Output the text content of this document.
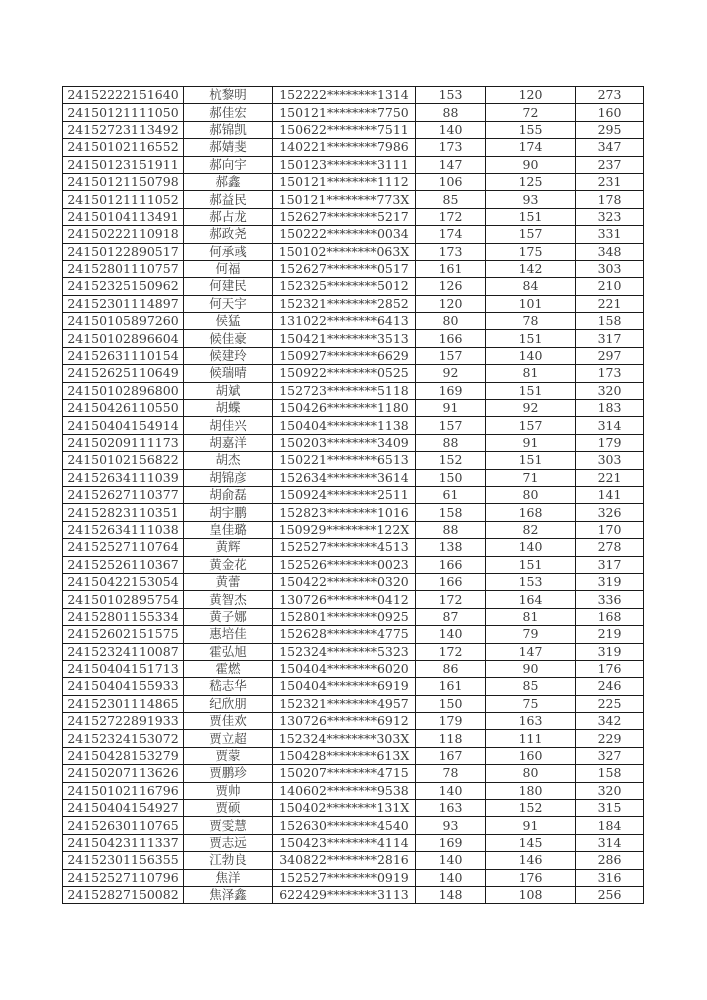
24152222151640	杭黎明	152222********1314	153	120	273
24150121111050	郝佳宏	150121********7750	88	72	160
24152723113492	郝锦凯	150622********7511	140	155	295
24150102116552	郝婧斐	140221********7986	173	174	347
24150123151911	郝向宇	150123********3111	147	90	237
24150121150798	郝鑫	150121********1112	106	125	231
24150121111052	郝益民	150121********773X	85	93	178
24150104113491	郝占龙	152627********5217	172	151	323
24150222110918	郝政尧	150222********0034	174	157	331
24150122890517	何承彧	150102********063X	173	175	348
24152801110757	何福	152627********0517	161	142	303
24152325150962	何建民	152325********5012	126	84	210
24152301114897	何天宇	152321********2852	120	101	221
24150105897260	侯猛	131022********6413	80	78	158
24150102896604	候佳豪	150421********3513	166	151	317
24152631110154	候建玲	150927********6629	157	140	297
24152625110649	候瑞晴	150922********0525	92	81	173
24150102896800	胡斌	152723********5118	169	151	320
24150426110550	胡蝶	150426********1180	91	92	183
24150404154914	胡佳兴	150404********1138	157	157	314
24150209111173	胡嘉洋	150203********3409	88	91	179
24150102156822	胡杰	150221********6513	152	151	303
24152634111039	胡锦彦	152634********3614	150	71	221
24152627110377	胡俞磊	150924********2511	61	80	141
24152823110351	胡宇鹏	152823********1016	158	168	326
24152634111038	皇佳璐	150929********122X	88	82	170
24152527110764	黄辉	152527********4513	138	140	278
24152526110367	黄金花	152526********0023	166	151	317
24150422153054	黄蕾	150422********0320	166	153	319
24150102895754	黄智杰	130726********0412	172	164	336
24152801155334	黄子娜	152801********0925	87	81	168
24152602151575	惠培佳	152628********4775	140	79	219
24152324110087	霍弘旭	152324********5323	172	147	319
24150404151713	霍燃	150404********6020	86	90	176
24150404155933	嵇志华	150404********6919	161	85	246
24152301114865	纪欣朋	152321********4957	150	75	225
24152722891933	贾佳欢	130726********6912	179	163	342
24152324153072	贾立超	152324********303X	118	111	229
24150428153279	贾蒙	150428********613X	167	160	327
24150207113626	贾鹏珍	150207********4715	78	80	158
24150102116796	贾帅	140602********9538	140	180	320
24150404154927	贾硕	150402********131X	163	152	315
24152630110765	贾雯慧	152630********4540	93	91	184
24150423111337	贾志远	150423********4114	169	145	314
24152301156355	江勃良	340822********2816	140	146	286
24152527110796	焦洋	152527********0919	140	176	316
24152827150082	焦泽鑫	622429********3113	148	108	256
